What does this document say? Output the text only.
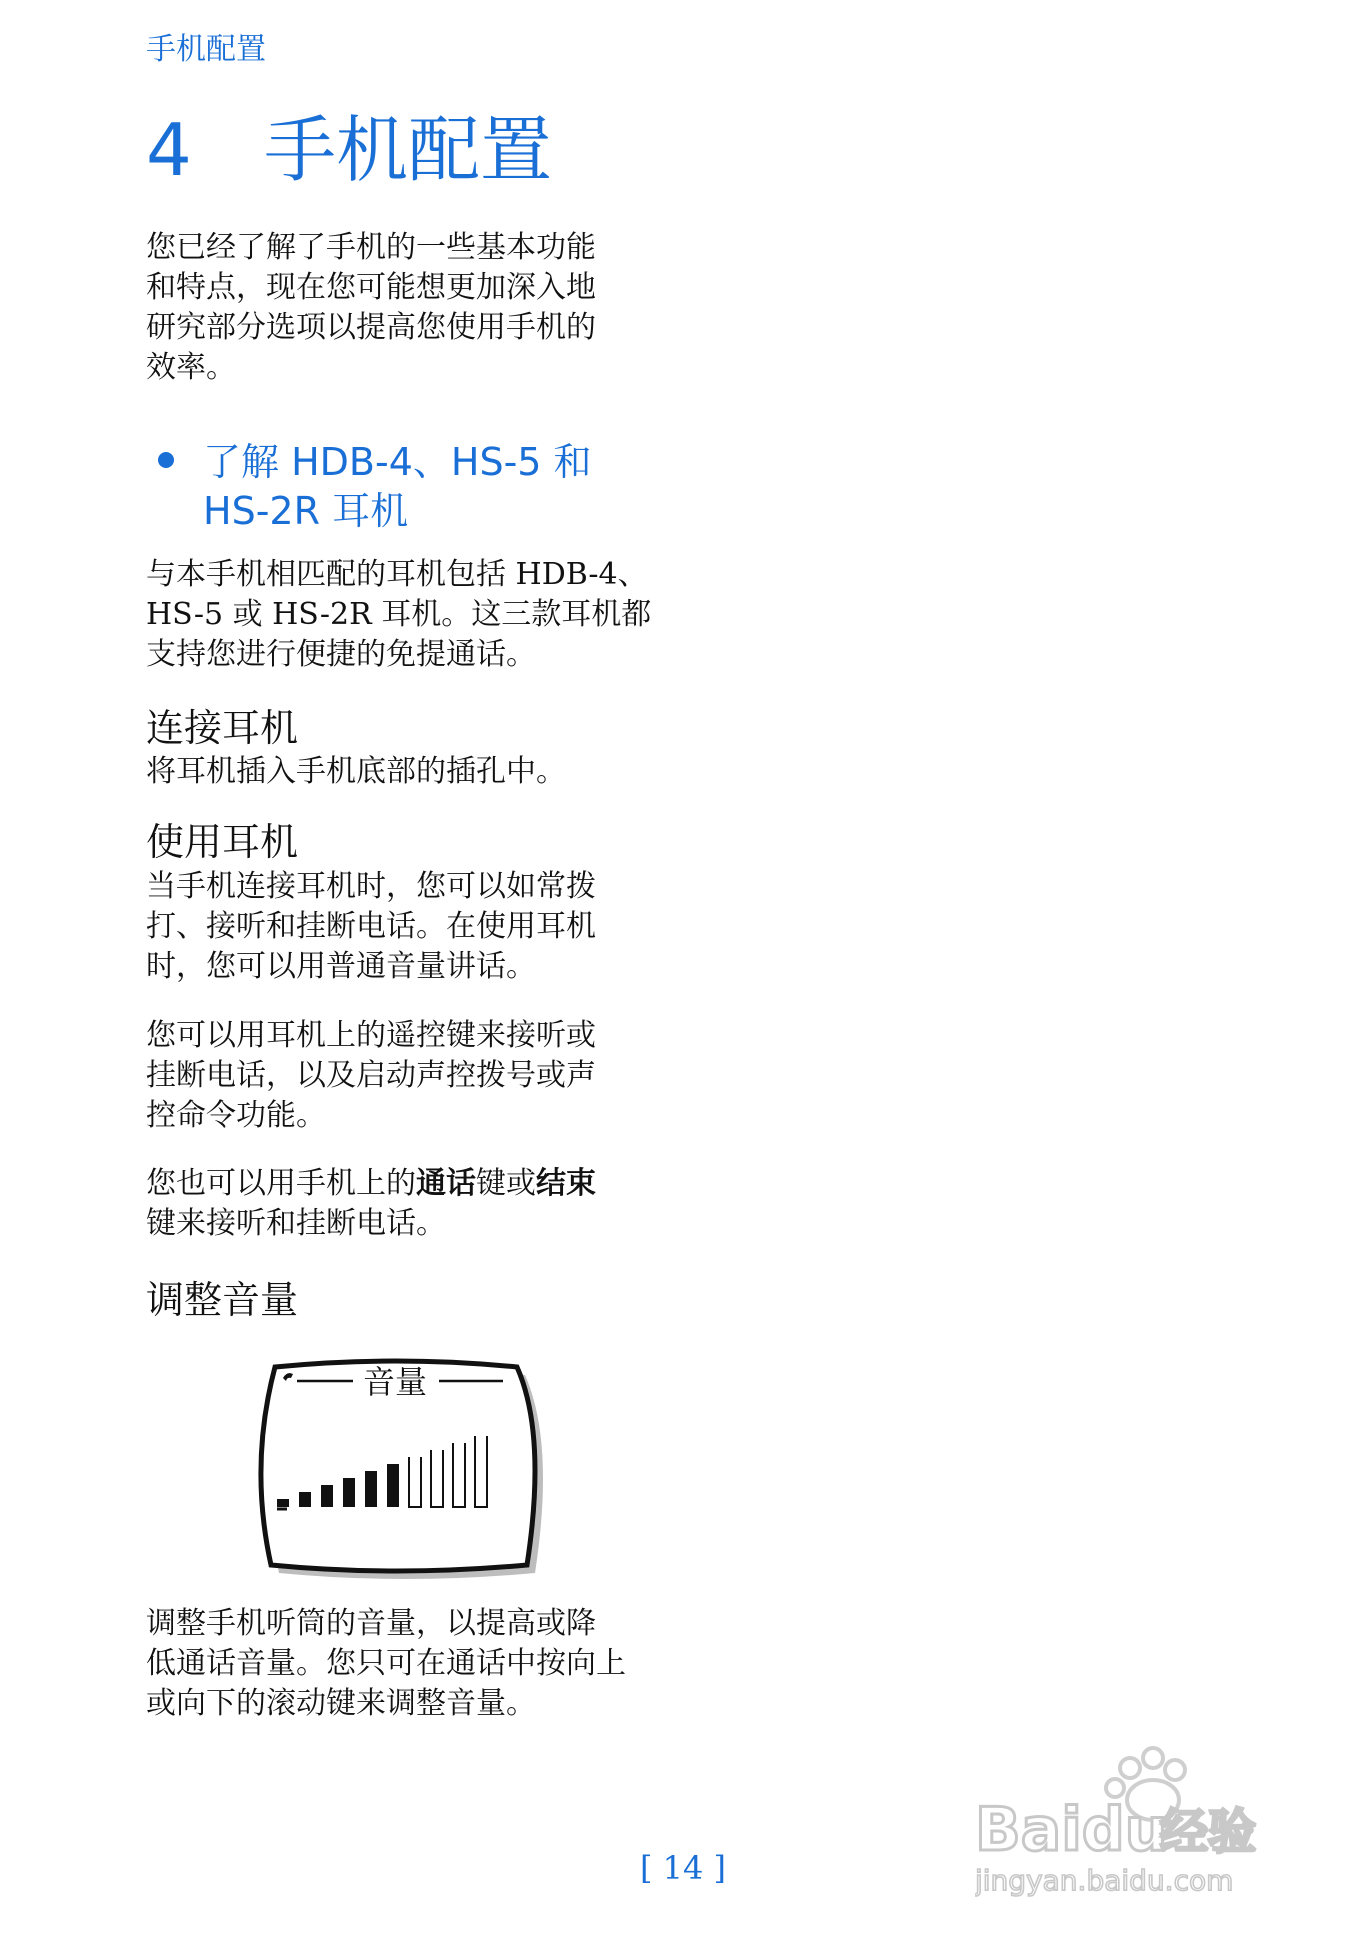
手机配置
4 手机配置
您已经了解了手机的一些基本功能
和特点，现在您可能想更加深入地
研究部分选项以提高您使用手机的
效率。
了解 HDB-4、HS-5 和
HS-2R 耳机
与本手机相匹配的耳机包括 HDB-4、
HS-5 或 HS-2R 耳机。这三款耳机都
支持您进行便捷的免提通话。
连接耳机
将耳机插入手机底部的插孔中。
使用耳机
当手机连接耳机时，您可以如常拨
打、接听和挂断电话。在使用耳机
时，您可以用普通音量讲话。
您可以用耳机上的遥控键来接听或
挂断电话，以及启动声控拨号或声
控命令功能。
您也可以用手机上的通话键或结束
键来接听和挂断电话。
调整音量
音量
调整手机听筒的音量，以提高或降
低通话音量。您只可在通话中按向上
或向下的滚动键来调整音量。
Baidu
经验
jingyan.baidu.com
[ 14 ]
